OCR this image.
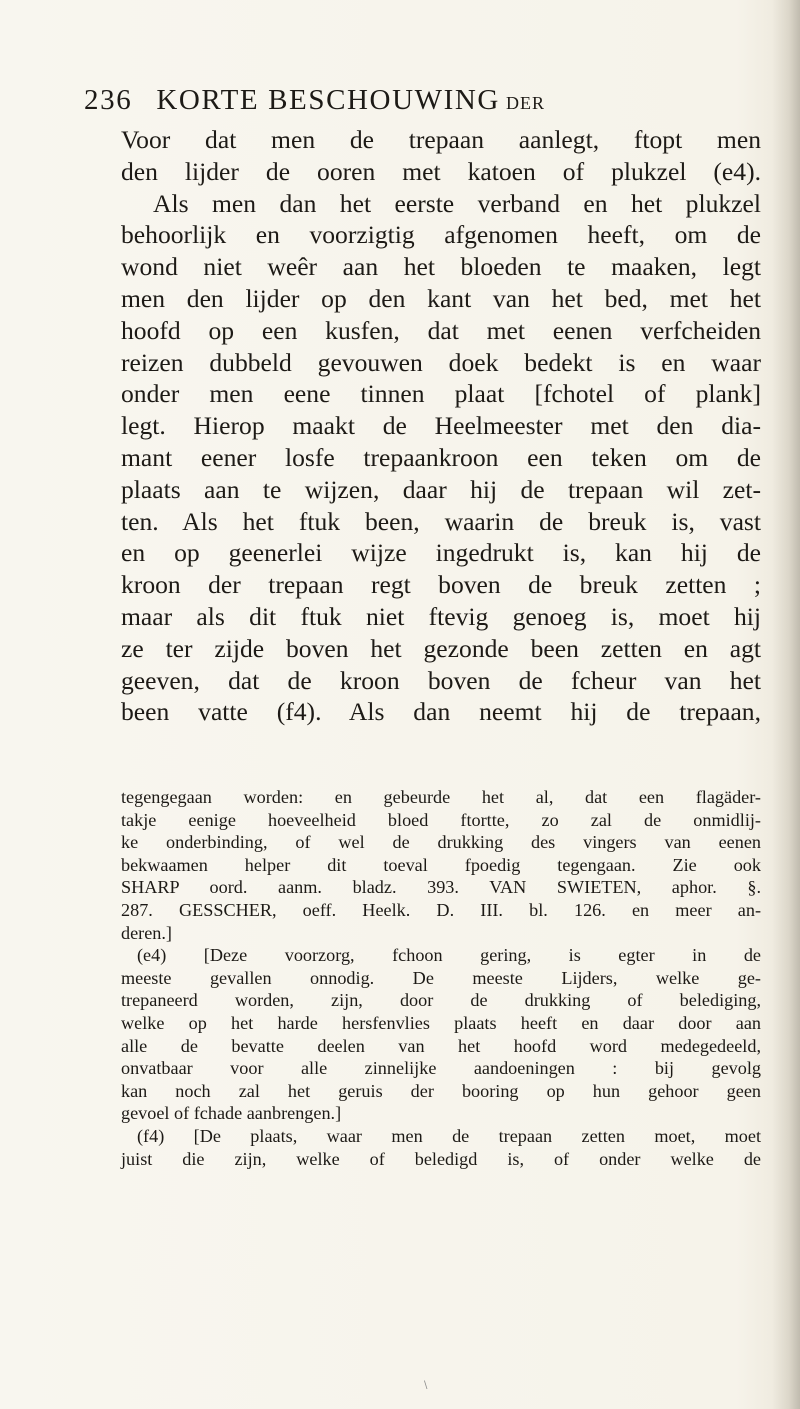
236 KORTE BESCHOUWING DER

Voor dat men de trepaan aanlegt, ftopt men

den lijder de ooren met katoen of plukzel (e4).

Als men dan het eerste verband en het plukzel

behoorlijk en voorzigtig afgenomen heeft, om de

wond niet weêr aan het bloeden te maaken, legt

men den lijder op den kant van het bed, met het

hoofd op een kusfen, dat met eenen verfcheiden

reizen dubbeld gevouwen doek bedekt is en waar

onder men eene tinnen plaat [fchotel of plank]

legt. Hierop maakt de Heelmeester met den dia-

mant eener losfe trepaankroon een teken om de

plaats aan te wijzen, daar hij de trepaan wil zet-

ten. Als het ftuk been, waarin de breuk is, vast

en op geenerlei wijze ingedrukt is, kan hij de

kroon der trepaan regt boven de breuk zetten ;

maar als dit ftuk niet ftevig genoeg is, moet hij

ze ter zijde boven het gezonde been zetten en agt

geeven, dat de kroon boven de fcheur van het

been vatte (f4). Als dan neemt hij de trepaan,

tegengegaan worden: en gebeurde het al, dat een flagäder-

takje eenige hoeveelheid bloed ftortte, zo zal de onmidlij-

ke onderbinding, of wel de drukking des vingers van eenen

bekwaamen helper dit toeval fpoedig tegengaan. Zie ook

SHARP oord. aanm. bladz. 393. VAN SWIETEN, aphor. §.

287. GESSCHER, oeff. Heelk. D. III. bl. 126. en meer an-

deren.]

(e4) [Deze voorzorg, fchoon gering, is egter in de

meeste gevallen onnodig. De meeste Lijders, welke ge-

trepaneerd worden, zijn, door de drukking of belediging,

welke op het harde hersfenvlies plaats heeft en daar door aan

alle de bevatte deelen van het hoofd word medegedeeld,

onvatbaar voor alle zinnelijke aandoeningen : bij gevolg

kan noch zal het geruis der booring op hun gehoor geen

gevoel of fchade aanbrengen.]

(f4) [De plaats, waar men de trepaan zetten moet, moet

juist die zijn, welke of beledigd is, of onder welke de

\
